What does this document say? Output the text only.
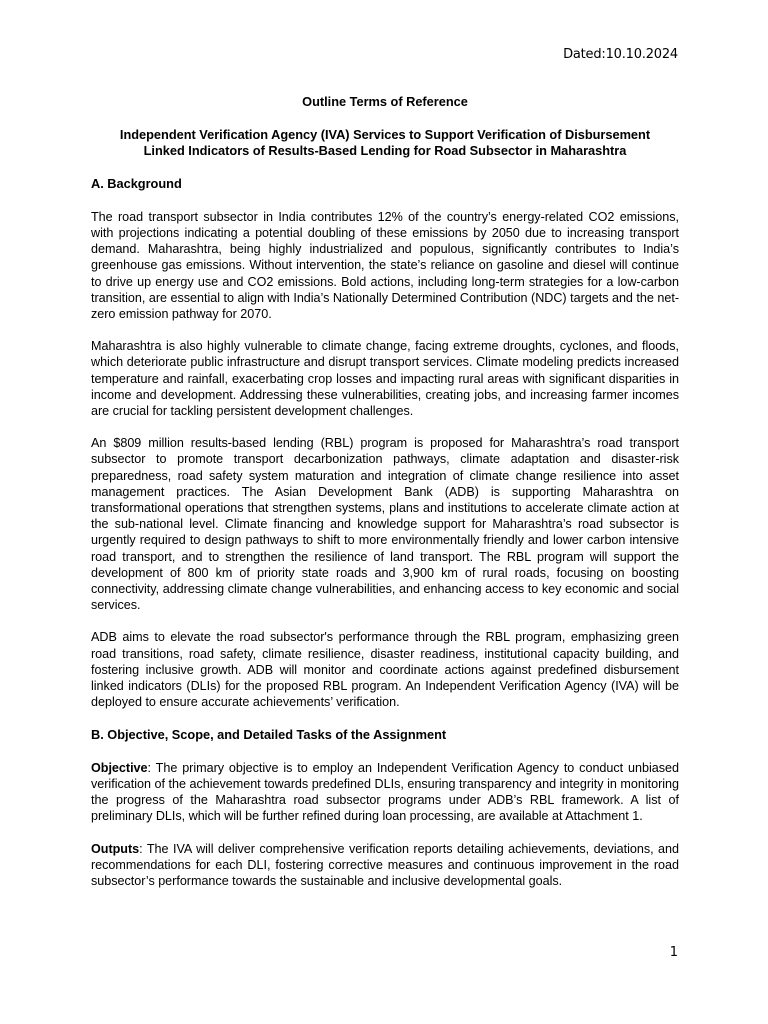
Dated:10.10.2024

Outline Terms of Reference

Independent Verification Agency (IVA) Services to Support Verification of Disbursement
Linked Indicators of Results-Based Lending for Road Subsector in Maharashtra

A. Background

The road transport subsector in India contributes 12% of the country’s energy-related CO2 emissions, with projections indicating a potential doubling of these emissions by 2050 due to increasing transport demand. Maharashtra, being highly industrialized and populous, significantly contributes to India’s greenhouse gas emissions. Without intervention, the state’s reliance on gasoline and diesel will continue to drive up energy use and CO2 emissions. Bold actions, including long-term strategies for a low-carbon transition, are essential to align with India’s Nationally Determined Contribution (NDC) targets and the net-zero emission pathway for 2070.

Maharashtra is also highly vulnerable to climate change, facing extreme droughts, cyclones, and floods, which deteriorate public infrastructure and disrupt transport services. Climate modeling predicts increased temperature and rainfall, exacerbating crop losses and impacting rural areas with significant disparities in income and development. Addressing these vulnerabilities, creating jobs, and increasing farmer incomes are crucial for tackling persistent development challenges.

An $809 million results-based lending (RBL) program is proposed for Maharashtra’s road transport subsector to promote transport decarbonization pathways, climate adaptation and disaster-risk preparedness, road safety system maturation and integration of climate change resilience into asset management practices. The Asian Development Bank (ADB) is supporting Maharashtra on transformational operations that strengthen systems, plans and institutions to accelerate climate action at the sub-national level. Climate financing and knowledge support for Maharashtra’s road subsector is urgently required to design pathways to shift to more environmentally friendly and lower carbon intensive road transport, and to strengthen the resilience of land transport. The RBL program will support the development of 800 km of priority state roads and 3,900 km of rural roads, focusing on boosting connectivity, addressing climate change vulnerabilities, and enhancing access to key economic and social services.

ADB aims to elevate the road subsector's performance through the RBL program, emphasizing green road transitions, road safety, climate resilience, disaster readiness, institutional capacity building, and fostering inclusive growth. ADB will monitor and coordinate actions against predefined disbursement linked indicators (DLIs) for the proposed RBL program. An Independent Verification Agency (IVA) will be deployed to ensure accurate achievements’ verification.

B. Objective, Scope, and Detailed Tasks of the Assignment

Objective: The primary objective is to employ an Independent Verification Agency to conduct unbiased verification of the achievement towards predefined DLIs, ensuring transparency and integrity in monitoring the progress of the Maharashtra road subsector programs under ADB’s RBL framework. A list of preliminary DLIs, which will be further refined during loan processing, are available at Attachment 1.

Outputs: The IVA will deliver comprehensive verification reports detailing achievements, deviations, and recommendations for each DLI, fostering corrective measures and continuous improvement in the road subsector’s performance towards the sustainable and inclusive developmental goals.

1
